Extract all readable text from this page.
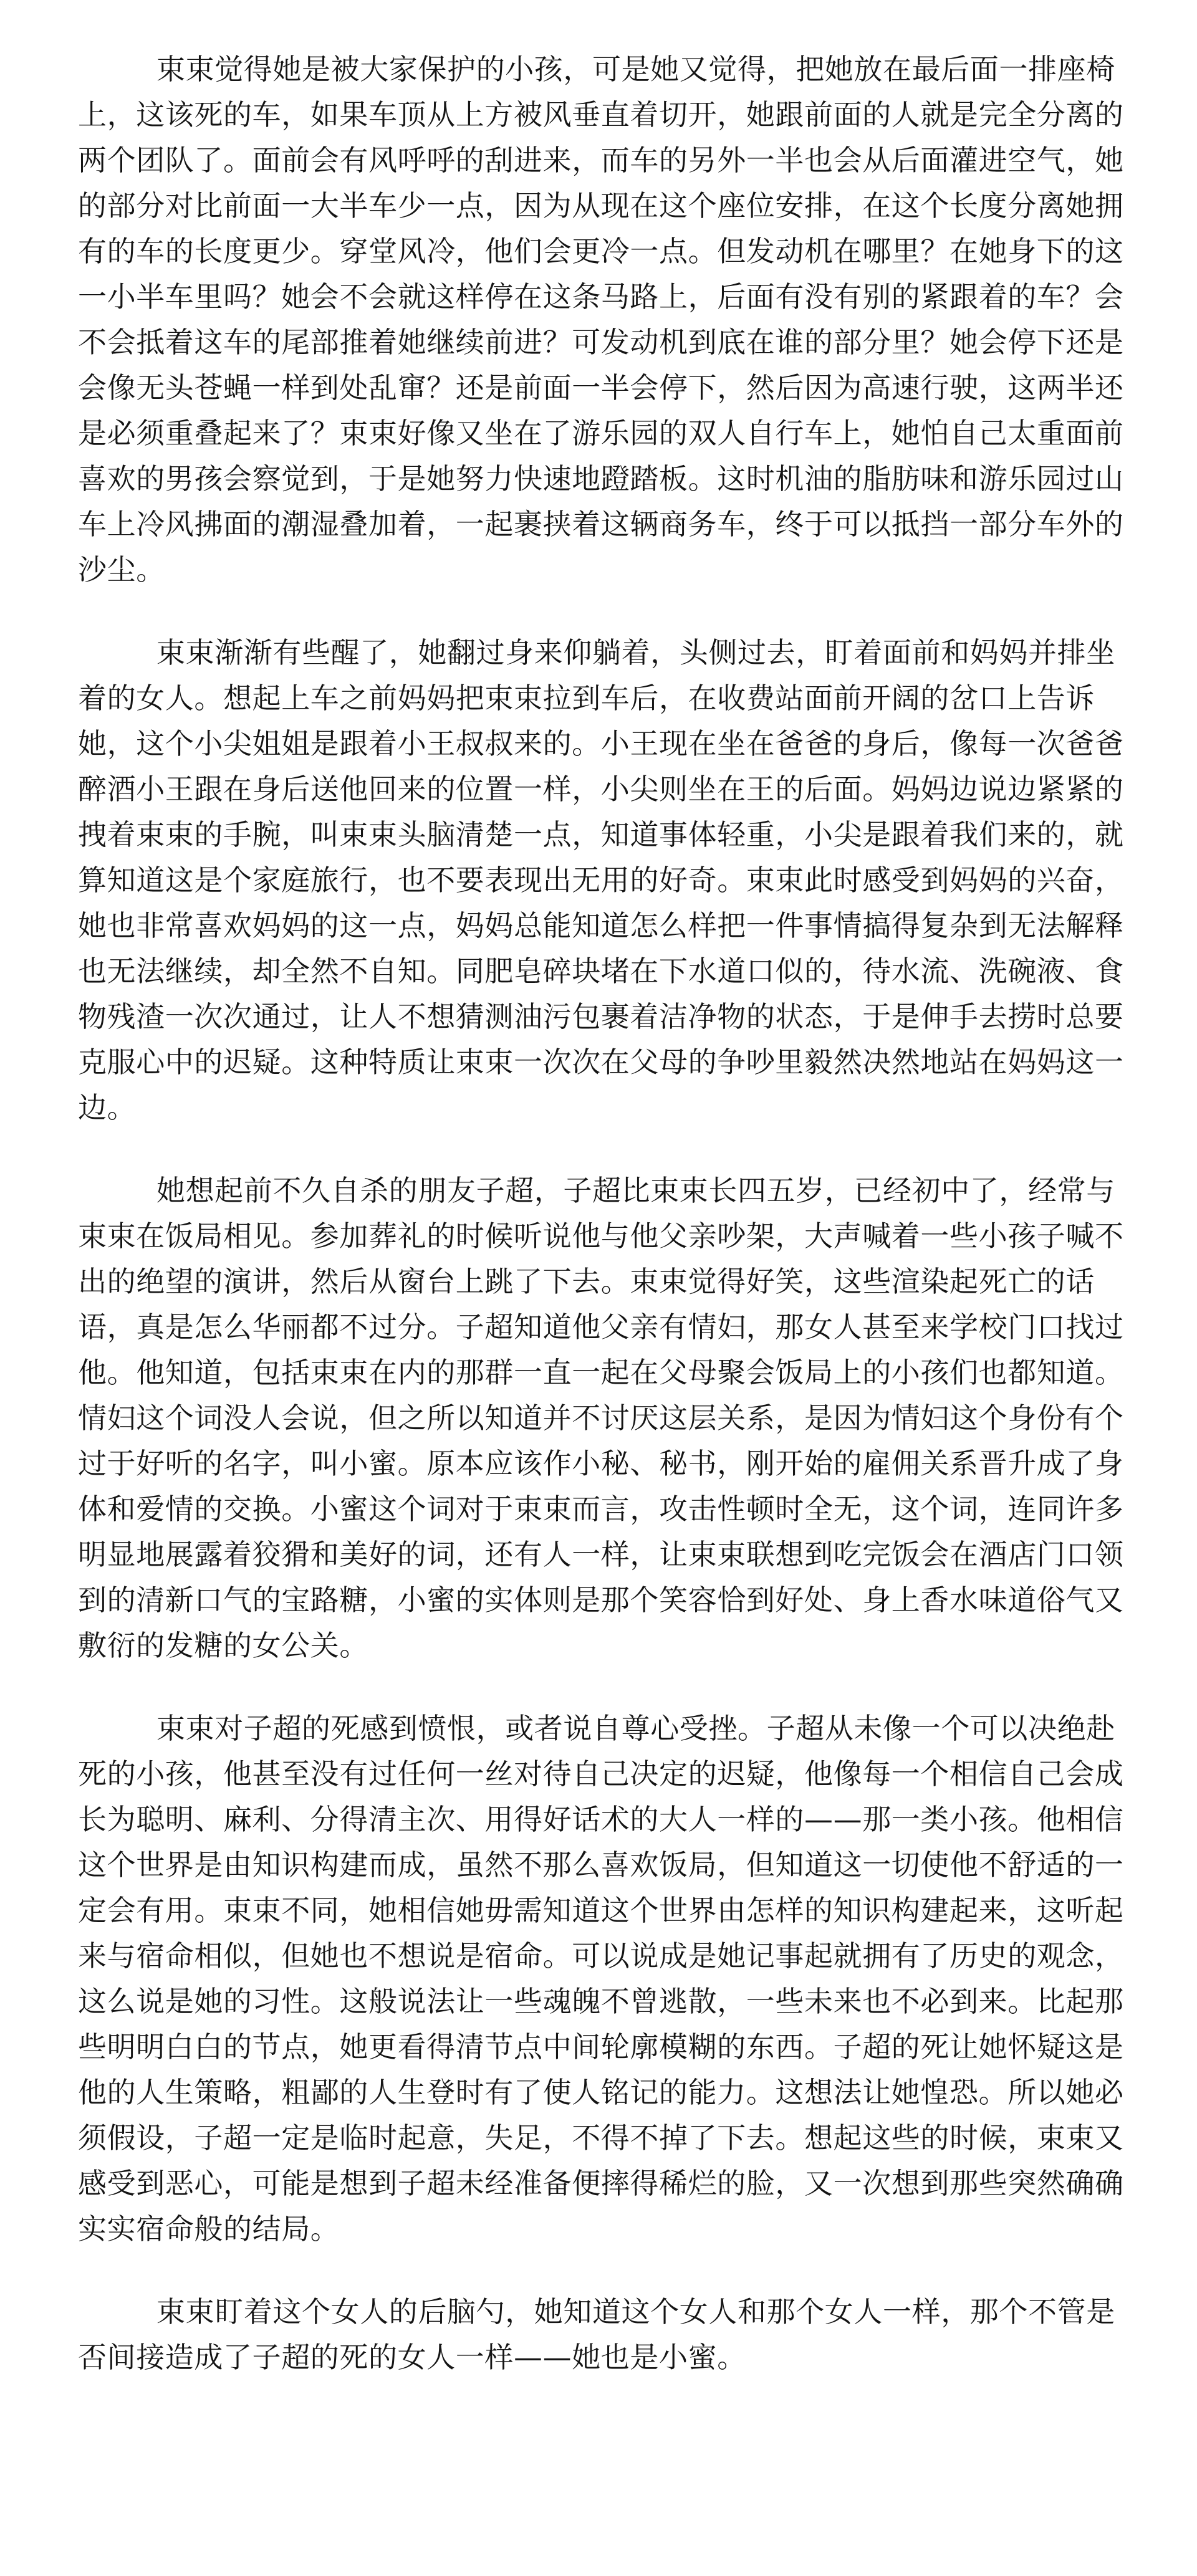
束束觉得她是被大家保护的小孩，可是她又觉得，把她放在最后面一排座椅上，这该死的车，如果车顶从上方被风垂直着切开，她跟前面的人就是完全分离的两个团队了。面前会有风呼呼的刮进来，而车的另外一半也会从后面灌进空气，她的部分对比前面一大半车少一点，因为从现在这个座位安排，在这个长度分离她拥有的车的长度更少。穿堂风冷，他们会更冷一点。但发动机在哪里？在她身下的这一小半车里吗？她会不会就这样停在这条马路上，后面有没有别的紧跟着的车？会不会抵着这车的尾部推着她继续前进？可发动机到底在谁的部分里？她会停下还是会像无头苍蝇一样到处乱窜？还是前面一半会停下，然后因为高速行驶，这两半还是必须重叠起来了？束束好像又坐在了游乐园的双人自行车上，她怕自己太重面前喜欢的男孩会察觉到，于是她努力快速地蹬踏板。这时机油的脂肪味和游乐园过山车上冷风拂面的潮湿叠加着，一起裹挟着这辆商务车，终于可以抵挡一部分车外的沙尘。

束束渐渐有些醒了，她翻过身来仰躺着，头侧过去，盯着面前和妈妈并排坐着的女人。想起上车之前妈妈把束束拉到车后，在收费站面前开阔的岔口上告诉她，这个小尖姐姐是跟着小王叔叔来的。小王现在坐在爸爸的身后，像每一次爸爸醉酒小王跟在身后送他回来的位置一样，小尖则坐在王的后面。妈妈边说边紧紧的拽着束束的手腕，叫束束头脑清楚一点，知道事体轻重，小尖是跟着我们来的，就算知道这是个家庭旅行，也不要表现出无用的好奇。束束此时感受到妈妈的兴奋，她也非常喜欢妈妈的这一点，妈妈总能知道怎么样把一件事情搞得复杂到无法解释也无法继续，却全然不自知。同肥皂碎块堵在下水道口似的，待水流、洗碗液、食物残渣一次次通过，让人不想猜测油污包裹着洁净物的状态，于是伸手去捞时总要克服心中的迟疑。这种特质让束束一次次在父母的争吵里毅然决然地站在妈妈这一边。

她想起前不久自杀的朋友子超，子超比束束长四五岁，已经初中了，经常与束束在饭局相见。参加葬礼的时候听说他与他父亲吵架，大声喊着一些小孩子喊不出的绝望的演讲，然后从窗台上跳了下去。束束觉得好笑，这些渲染起死亡的话语，真是怎么华丽都不过分。子超知道他父亲有情妇，那女人甚至来学校门口找过他。他知道，包括束束在内的那群一直一起在父母聚会饭局上的小孩们也都知道。情妇这个词没人会说，但之所以知道并不讨厌这层关系，是因为情妇这个身份有个过于好听的名字，叫小蜜。原本应该作小秘、秘书，刚开始的雇佣关系晋升成了身体和爱情的交换。小蜜这个词对于束束而言，攻击性顿时全无，这个词，连同许多明显地展露着狡猾和美好的词，还有人一样，让束束联想到吃完饭会在酒店门口领到的清新口气的宝路糖，小蜜的实体则是那个笑容恰到好处、身上香水味道俗气又敷衍的发糖的女公关。

束束对子超的死感到愤恨，或者说自尊心受挫。子超从未像一个可以决绝赴死的小孩，他甚至没有过任何一丝对待自己决定的迟疑，他像每一个相信自己会成长为聪明、麻利、分得清主次、用得好话术的大人一样的——那一类小孩。他相信这个世界是由知识构建而成，虽然不那么喜欢饭局，但知道这一切使他不舒适的一定会有用。束束不同，她相信她毋需知道这个世界由怎样的知识构建起来，这听起来与宿命相似，但她也不想说是宿命。可以说成是她记事起就拥有了历史的观念，这么说是她的习性。这般说法让一些魂魄不曾逃散，一些未来也不必到来。比起那些明明白白的节点，她更看得清节点中间轮廓模糊的东西。子超的死让她怀疑这是他的人生策略，粗鄙的人生登时有了使人铭记的能力。这想法让她惶恐。所以她必须假设，子超一定是临时起意，失足，不得不掉了下去。想起这些的时候，束束又感受到恶心，可能是想到子超未经准备便摔得稀烂的脸，又一次想到那些突然确确实实宿命般的结局。

束束盯着这个女人的后脑勺，她知道这个女人和那个女人一样，那个不管是否间接造成了子超的死的女人一样——她也是小蜜。
